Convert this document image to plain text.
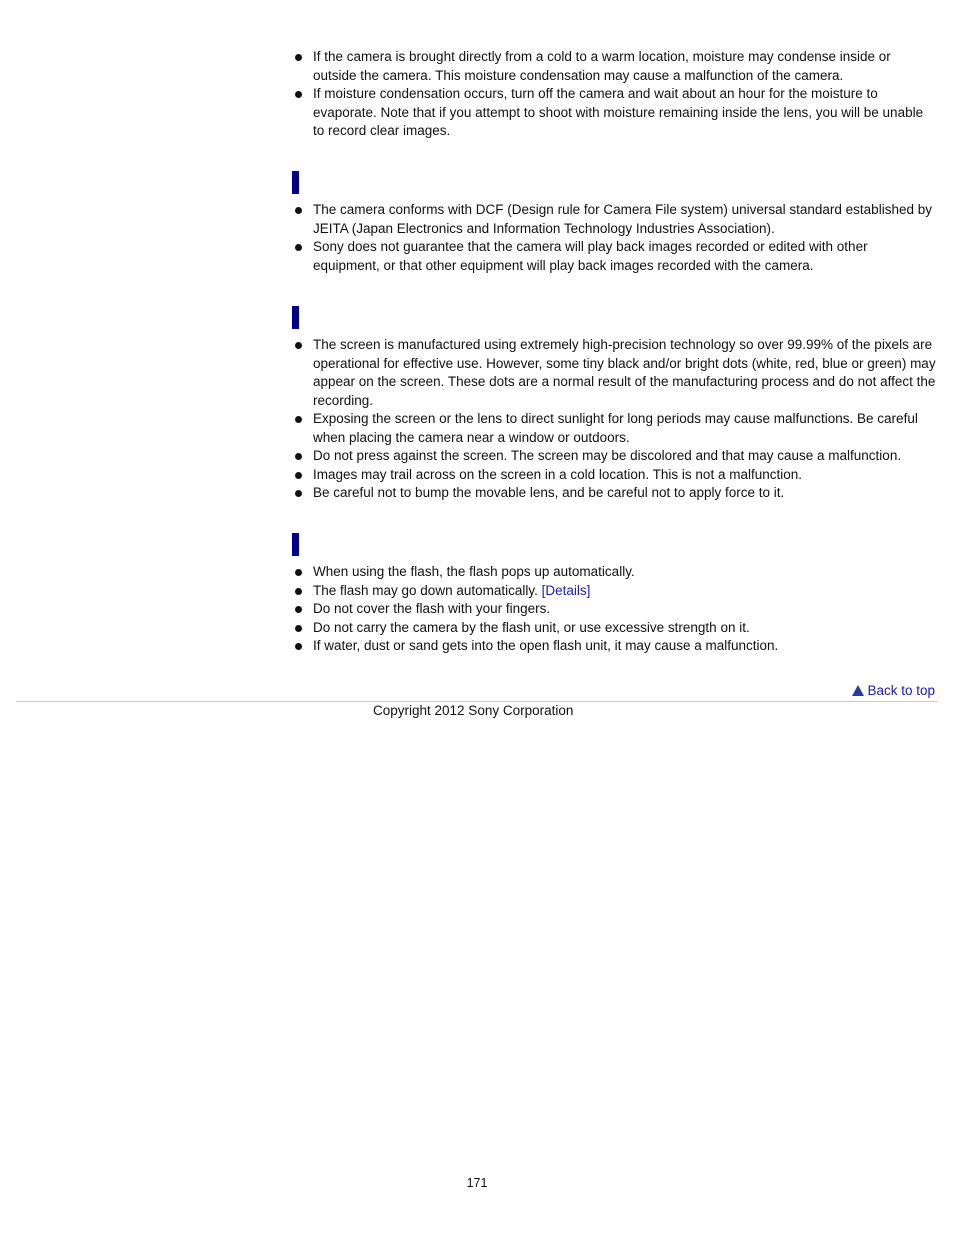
If the camera is brought directly from a cold to a warm location, moisture may condense inside or outside the camera. This moisture condensation may cause a malfunction of the camera.
If moisture condensation occurs, turn off the camera and wait about an hour for the moisture to evaporate. Note that if you attempt to shoot with moisture remaining inside the lens, you will be unable to record clear images.
The camera conforms with DCF (Design rule for Camera File system) universal standard established by JEITA (Japan Electronics and Information Technology Industries Association).
Sony does not guarantee that the camera will play back images recorded or edited with other equipment, or that other equipment will play back images recorded with the camera.
The screen is manufactured using extremely high-precision technology so over 99.99% of the pixels are operational for effective use. However, some tiny black and/or bright dots (white, red, blue or green) may appear on the screen. These dots are a normal result of the manufacturing process and do not affect the recording.
Exposing the screen or the lens to direct sunlight for long periods may cause malfunctions. Be careful when placing the camera near a window or outdoors.
Do not press against the screen. The screen may be discolored and that may cause a malfunction.
Images may trail across on the screen in a cold location. This is not a malfunction.
Be careful not to bump the movable lens, and be careful not to apply force to it.
When using the flash, the flash pops up automatically.
The flash may go down automatically. [Details]
Do not cover the flash with your fingers.
Do not carry the camera by the flash unit, or use excessive strength on it.
If water, dust or sand gets into the open flash unit, it may cause a malfunction.
Back to top
Copyright 2012 Sony Corporation
171
